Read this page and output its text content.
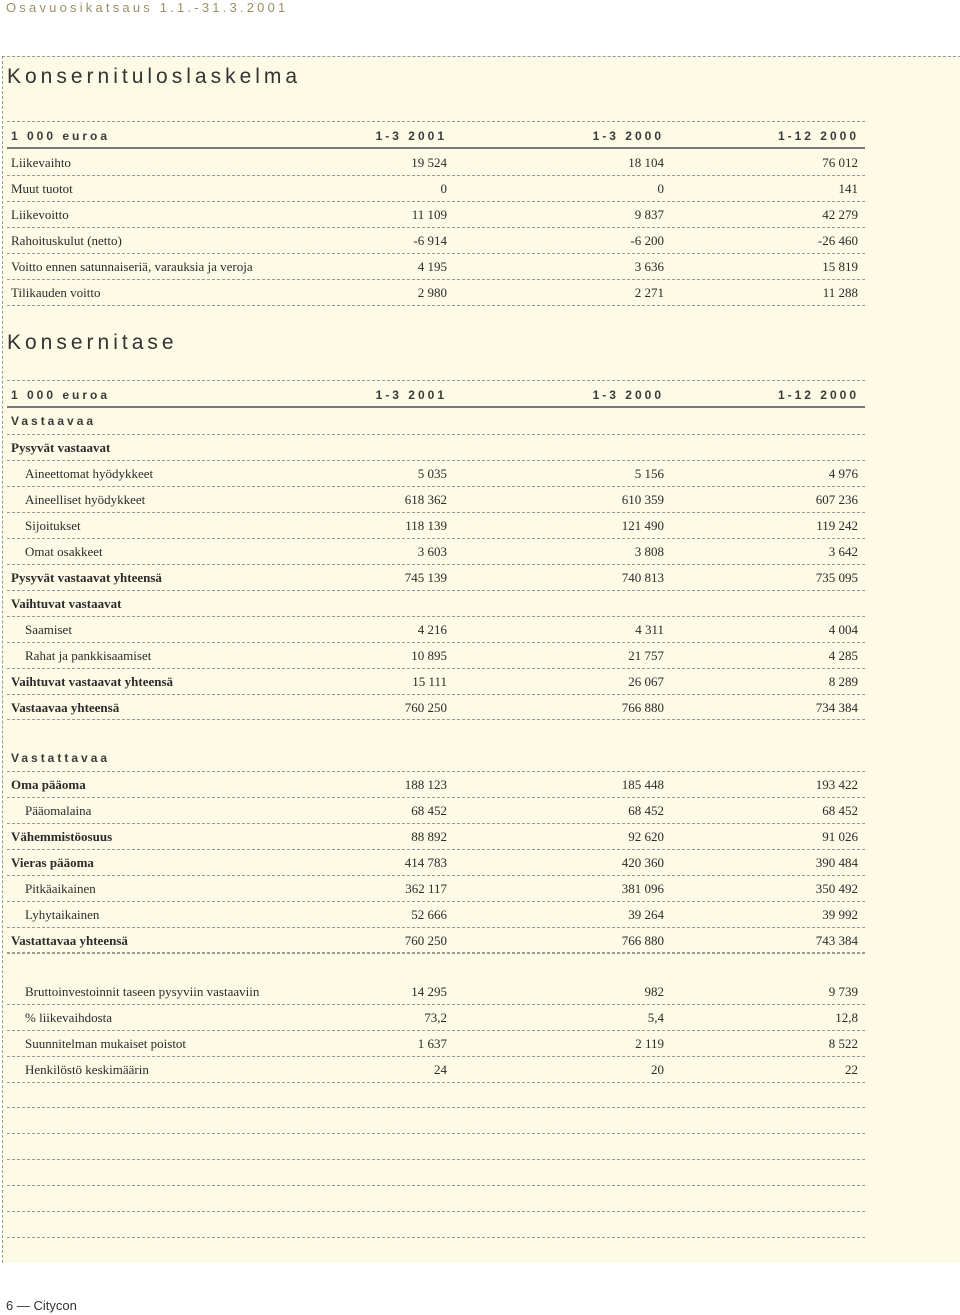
Osavuosikatsaus 1.1.-31.3.2001
Konsernituloslaskelma
1 000 euroa	1-3 2001	1-3 2000	1-12 2000
Liikevaihto	19 524	18 104	76 012
Muut tuotot	0	0	141
Liikevoitto	11 109	9 837	42 279
Rahoituskulut (netto)	-6 914	-6 200	-26 460
Voitto ennen satunnaiseriä, varauksia ja veroja	4 195	3 636	15 819
Tilikauden voitto	2 980	2 271	11 288
Konsernitase
1 000 euroa	1-3 2001	1-3 2000	1-12 2000
Vastaavaa
Pysyvät vastaavat
Aineettomat hyödykkeet	5 035	5 156	4 976
Aineelliset hyödykkeet	618 362	610 359	607 236
Sijoitukset	118 139	121 490	119 242
Omat osakkeet	3 603	3 808	3 642
Pysyvät vastaavat yhteensä	745 139	740 813	735 095
Vaihtuvat vastaavat
Saamiset	4 216	4 311	4 004
Rahat ja pankkisaamiset	10 895	21 757	4 285
Vaihtuvat vastaavat yhteensä	15 111	26 067	8 289
Vastaavaa yhteensä	760 250	766 880	734 384
Vastattavaa
Oma pääoma	188 123	185 448	193 422
Pääomalaina	68 452	68 452	68 452
Vähemmistöosuus	88 892	92 620	91 026
Vieras pääoma	414 783	420 360	390 484
Pitkäaikainen	362 117	381 096	350 492
Lyhytaikainen	52 666	39 264	39 992
Vastattavaa yhteensä	760 250	766 880	743 384
Bruttoinvestoinnit taseen pysyviin vastaaviin	14 295	982	9 739
% liikevaihdosta	73,2	5,4	12,8
Suunnitelman mukaiset poistot	1 637	2 119	8 522
Henkilöstö keskimäärin	24	20	22
6 — Citycon
